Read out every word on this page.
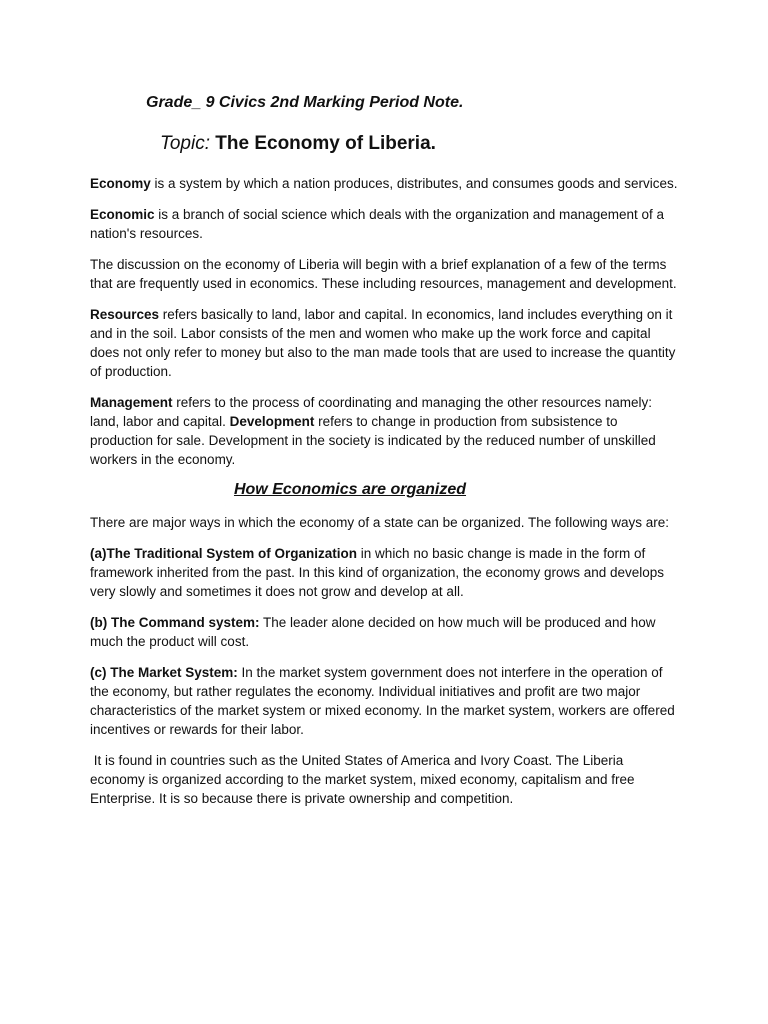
Grade_ 9 Civics 2nd Marking Period Note.
Topic: The Economy of Liberia.

Economy is a system by which a nation produces, distributes, and consumes goods and services.

Economic is a branch of social science which deals with the organization and management of a nation's resources.

The discussion on the economy of Liberia will begin with a brief explanation of a few of the terms that are frequently used in economics. These including resources, management and development.

Resources refers basically to land, labor and capital. In economics, land includes everything on it and in the soil. Labor consists of the men and women who make up the work force and capital does not only refer to money but also to the man made tools that are used to increase the quantity of production.

Management refers to the process of coordinating and managing the other resources namely: land, labor and capital. Development refers to change in production from subsistence to production for sale. Development in the society is indicated by the reduced number of unskilled workers in the economy.

How Economics are organized

There are major ways in which the economy of a state can be organized. The following ways are:

(a)The Traditional System of Organization in which no basic change is made in the form of framework inherited from the past. In this kind of organization, the economy grows and develops very slowly and sometimes it does not grow and develop at all.

(b) The Command system: The leader alone decided on how much will be produced and how much the product will cost.

(c) The Market System: In the market system government does not interfere in the operation of the economy, but rather regulates the economy. Individual initiatives and profit are two major characteristics of the market system or mixed economy. In the market system, workers are offered incentives or rewards for their labor.

It is found in countries such as the United States of America and Ivory Coast. The Liberia economy is organized according to the market system, mixed economy, capitalism and free Enterprise. It is so because there is private ownership and competition.
